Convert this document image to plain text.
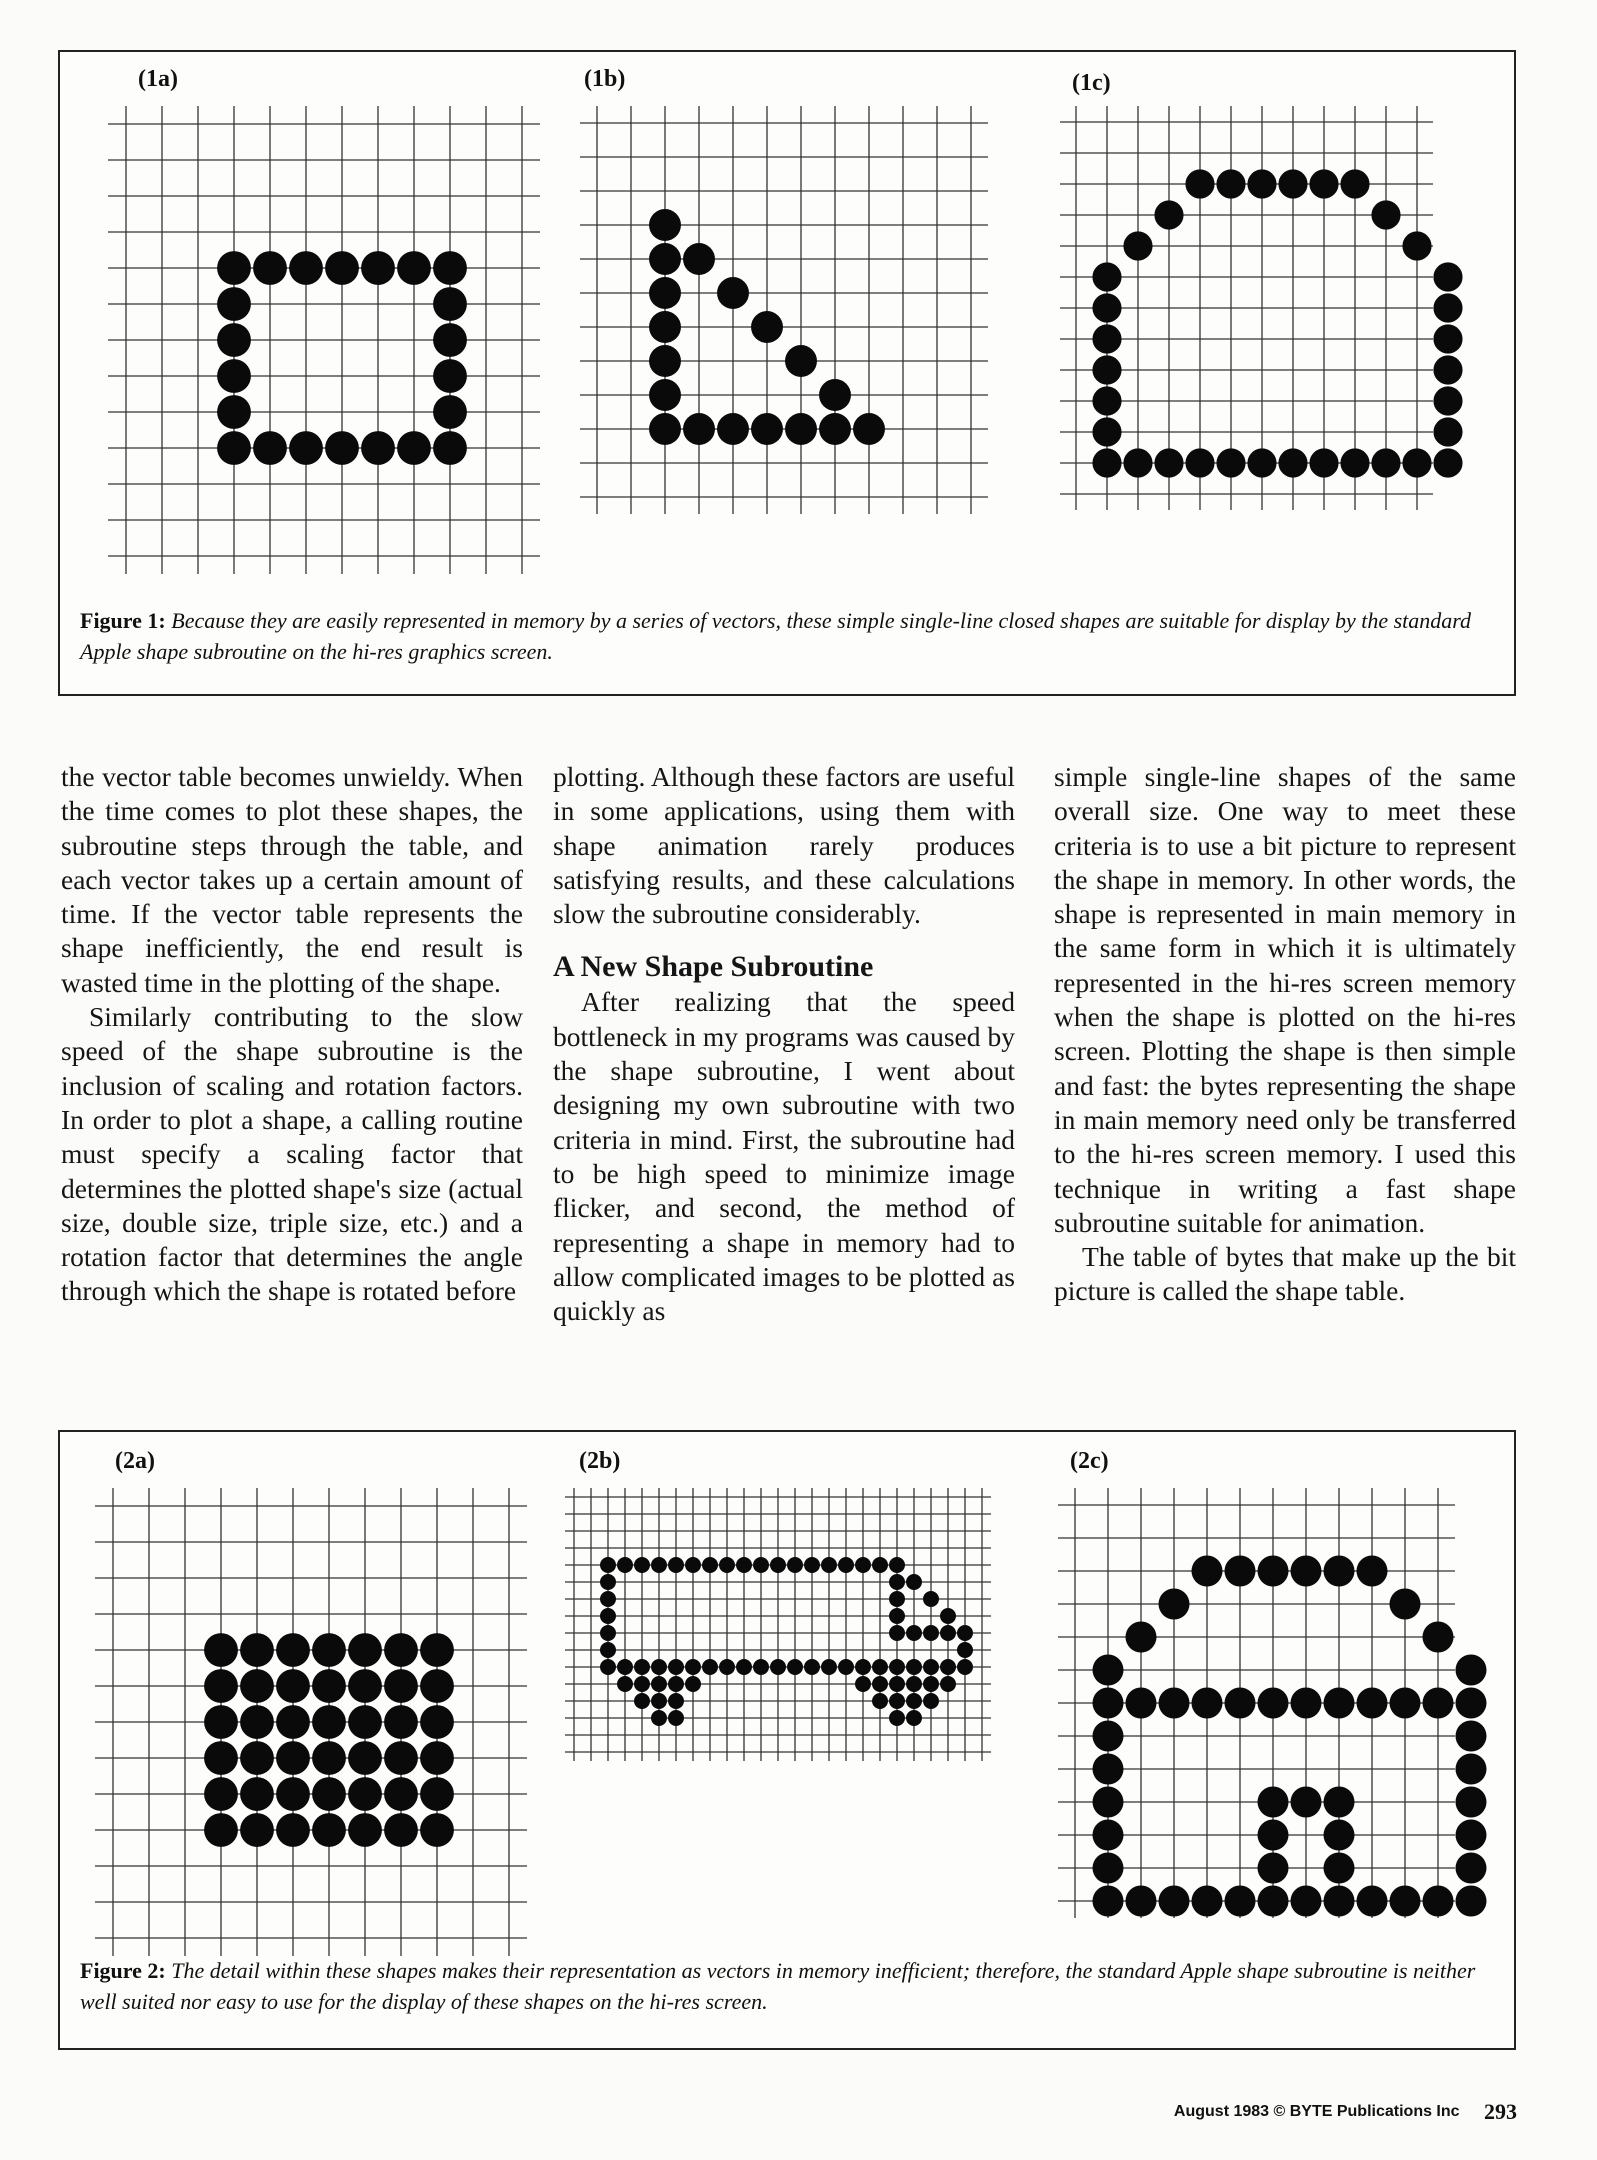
(1a)	(1b)	(1c)
Figure 1: Because they are easily represented in memory by a series of vectors, these simple single-line closed shapes are suitable for display by the standard Apple shape subroutine on the hi-res graphics screen.

the vector table becomes unwieldy. When the time comes to plot these shapes, the subroutine steps through the table, and each vector takes up a certain amount of time. If the vector table represents the shape inefficiently, the end result is wasted time in the plotting of the shape.

Similarly contributing to the slow speed of the shape subroutine is the inclusion of scaling and rotation factors. In order to plot a shape, a calling routine must specify a scaling factor that determines the plotted shape's size (actual size, double size, triple size, etc.) and a rotation factor that determines the angle through which the shape is rotated before

plotting. Although these factors are useful in some applications, using them with shape animation rarely produces satisfying results, and these calculations slow the subroutine considerably.

A New Shape Subroutine

After realizing that the speed bottleneck in my programs was caused by the shape subroutine, I went about designing my own subroutine with two criteria in mind. First, the subroutine had to be high speed to minimize image flicker, and second, the method of representing a shape in memory had to allow complicated images to be plotted as quickly as

simple single-line shapes of the same overall size. One way to meet these criteria is to use a bit picture to represent the shape in memory. In other words, the shape is represented in main memory in the same form in which it is ultimately represented in the hi-res screen memory when the shape is plotted on the hi-res screen. Plotting the shape is then simple and fast: the bytes representing the shape in main memory need only be transferred to the hi-res screen memory. I used this technique in writing a fast shape subroutine suitable for animation.

The table of bytes that make up the bit picture is called the shape table.

(2a)	(2b)	(2c)
Figure 2: The detail within these shapes makes their representation as vectors in memory inefficient; therefore, the standard Apple shape subroutine is neither well suited nor easy to use for the display of these shapes on the hi-res screen.
August 1983 © BYTE Publications Inc 293
